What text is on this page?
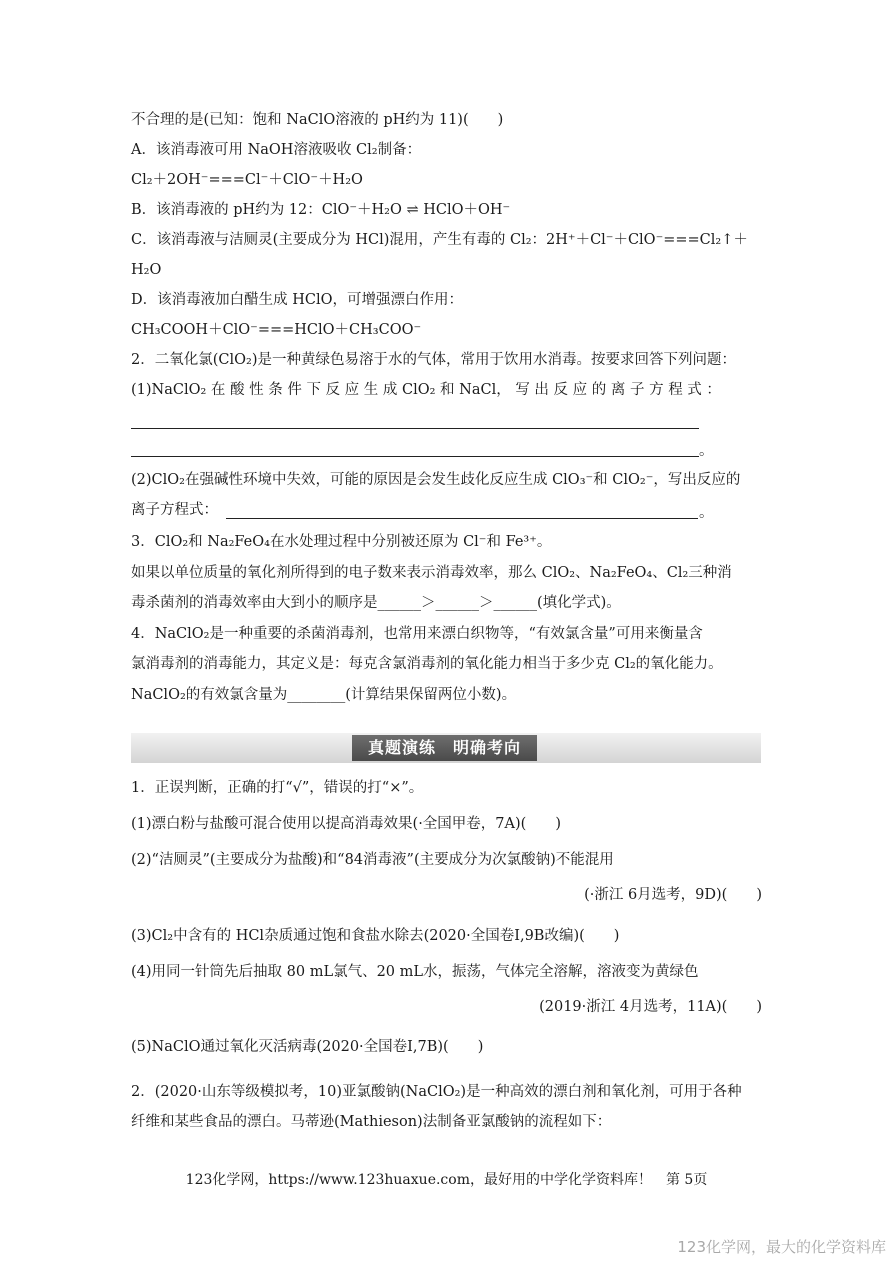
不合理的是(已知：饱和 NaClO溶液的 pH约为 11)(　　)
A．该消毒液可用 NaOH溶液吸收 Cl₂制备：
Cl₂＋2OH⁻===Cl⁻＋ClO⁻＋H₂O
B．该消毒液的 pH约为 12：ClO⁻＋H₂O ⇌ HClO＋OH⁻
C．该消毒液与洁厕灵(主要成分为 HCl)混用，产生有毒的 Cl₂：2H⁺＋Cl⁻＋ClO⁻===Cl₂↑＋
H₂O
D．该消毒液加白醋生成 HClO，可增强漂白作用：
CH₃COOH＋ClO⁻===HClO＋CH₃COO⁻
2．二氧化氯(ClO₂)是一种黄绿色易溶于水的气体，常用于饮用水消毒。按要求回答下列问题：
(1)NaClO₂ 在 酸 性 条 件 下 反 应 生 成 ClO₂ 和 NaCl， 写 出 反 应 的 离 子 方 程 式 ：
。
(2)ClO₂在强碱性环境中失效，可能的原因是会发生歧化反应生成 ClO₃⁻和 ClO₂⁻，写出反应的
离子方程式：	。
3．ClO₂和 Na₂FeO₄在水处理过程中分别被还原为 Cl⁻和 Fe³⁺。
如果以单位质量的氧化剂所得到的电子数来表示消毒效率，那么 ClO₂、Na₂FeO₄、Cl₂三种消
毒杀菌剂的消毒效率由大到小的顺序是______＞______＞______(填化学式)。
4．NaClO₂是一种重要的杀菌消毒剂，也常用来漂白织物等，“有效氯含量”可用来衡量含
氯消毒剂的消毒能力，其定义是：每克含氯消毒剂的氧化能力相当于多少克 Cl₂的氧化能力。
NaClO₂的有效氯含量为________(计算结果保留两位小数)。
真题演练　明确考向
1．正误判断，正确的打“√”，错误的打“×”。
(1)漂白粉与盐酸可混合使用以提高消毒效果(·全国甲卷，7A)(　　)
(2)“洁厕灵”(主要成分为盐酸)和“84消毒液”(主要成分为次氯酸钠)不能混用
(·浙江 6月选考，9D)(　　)
(3)Cl₂中含有的 HCl杂质通过饱和食盐水除去(2020·全国卷Ⅰ,9B改编)(　　)
(4)用同一针筒先后抽取 80 mL氯气、20 mL水，振荡，气体完全溶解，溶液变为黄绿色
(2019·浙江 4月选考，11A)(　　)
(5)NaClO通过氧化灭活病毒(2020·全国卷Ⅰ,7B)(　　)
2．(2020·山东等级模拟考，10)亚氯酸钠(NaClO₂)是一种高效的漂白剂和氧化剂，可用于各种
纤维和某些食品的漂白。马蒂逊(Mathieson)法制备亚氯酸钠的流程如下：
123化学网，https://www.123huaxue.com，最好用的中学化学资料库！　第 5页
123化学网，最大的化学资料库
